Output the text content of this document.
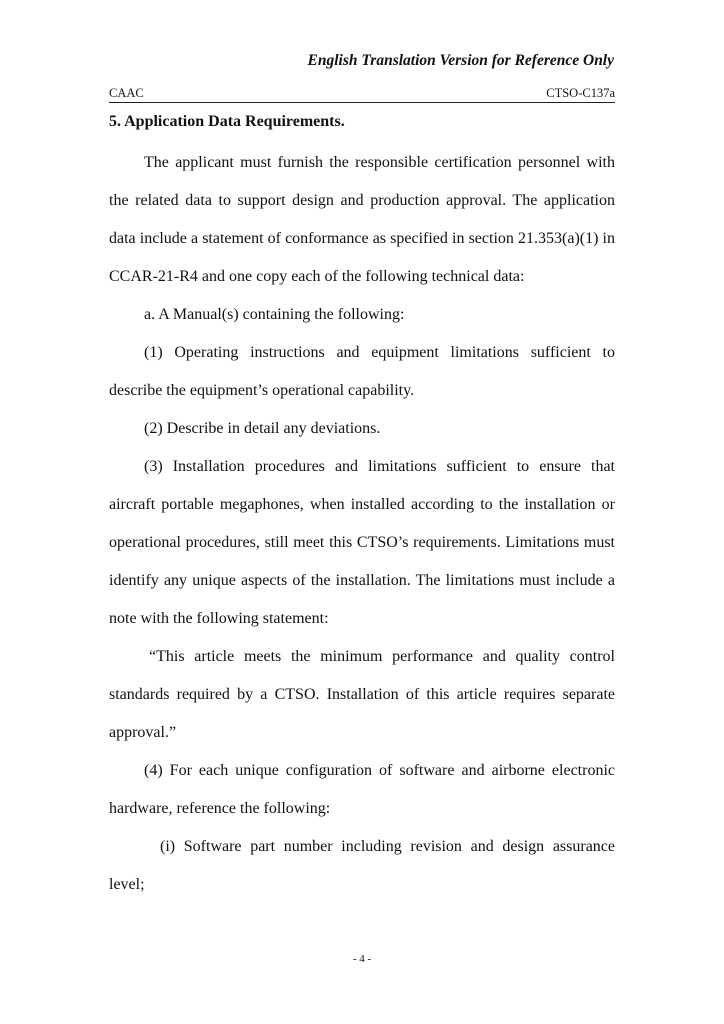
English Translation Version for Reference Only
CAAC	CTSO-C137a
5. Application Data Requirements.

The applicant must furnish the responsible certification personnel with the related data to support design and production approval. The application data include a statement of conformance as specified in section 21.353(a)(1) in CCAR-21-R4 and one copy each of the following technical data:

a. A Manual(s) containing the following:

(1) Operating instructions and equipment limitations sufficient to describe the equipment’s operational capability.

(2) Describe in detail any deviations.

(3) Installation procedures and limitations sufficient to ensure that aircraft portable megaphones, when installed according to the installation or operational procedures, still meet this CTSO’s requirements. Limitations must identify any unique aspects of the installation. The limitations must include a note with the following statement:

“This article meets the minimum performance and quality control standards required by a CTSO. Installation of this article requires separate approval.”

(4) For each unique configuration of software and airborne electronic hardware, reference the following:

(i) Software part number including revision and design assurance level;

- 4 -
